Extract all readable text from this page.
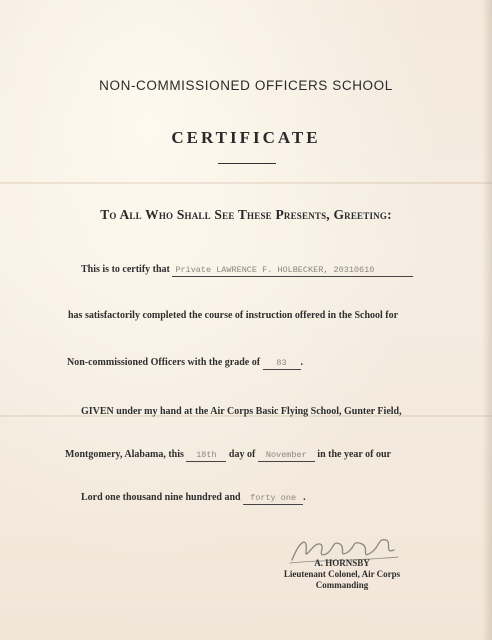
NON-COMMISSIONED OFFICERS SCHOOL
CERTIFICATE
To All Who Shall See These Presents, Greeting:
This is to certify that Private LAWRENCE F. HOLBECKER, 20310610
has satisfactorily completed the course of instruction offered in the School for
Non-commissioned Officers with the grade of 83 .
GIVEN under my hand at the Air Corps Basic Flying School, Gunter Field,
Montgomery, Alabama, this 18th day of November in the year of our
Lord one thousand nine hundred and forty one .
A. HORNSBY
Lieutenant Colonel, Air Corps
Commanding
